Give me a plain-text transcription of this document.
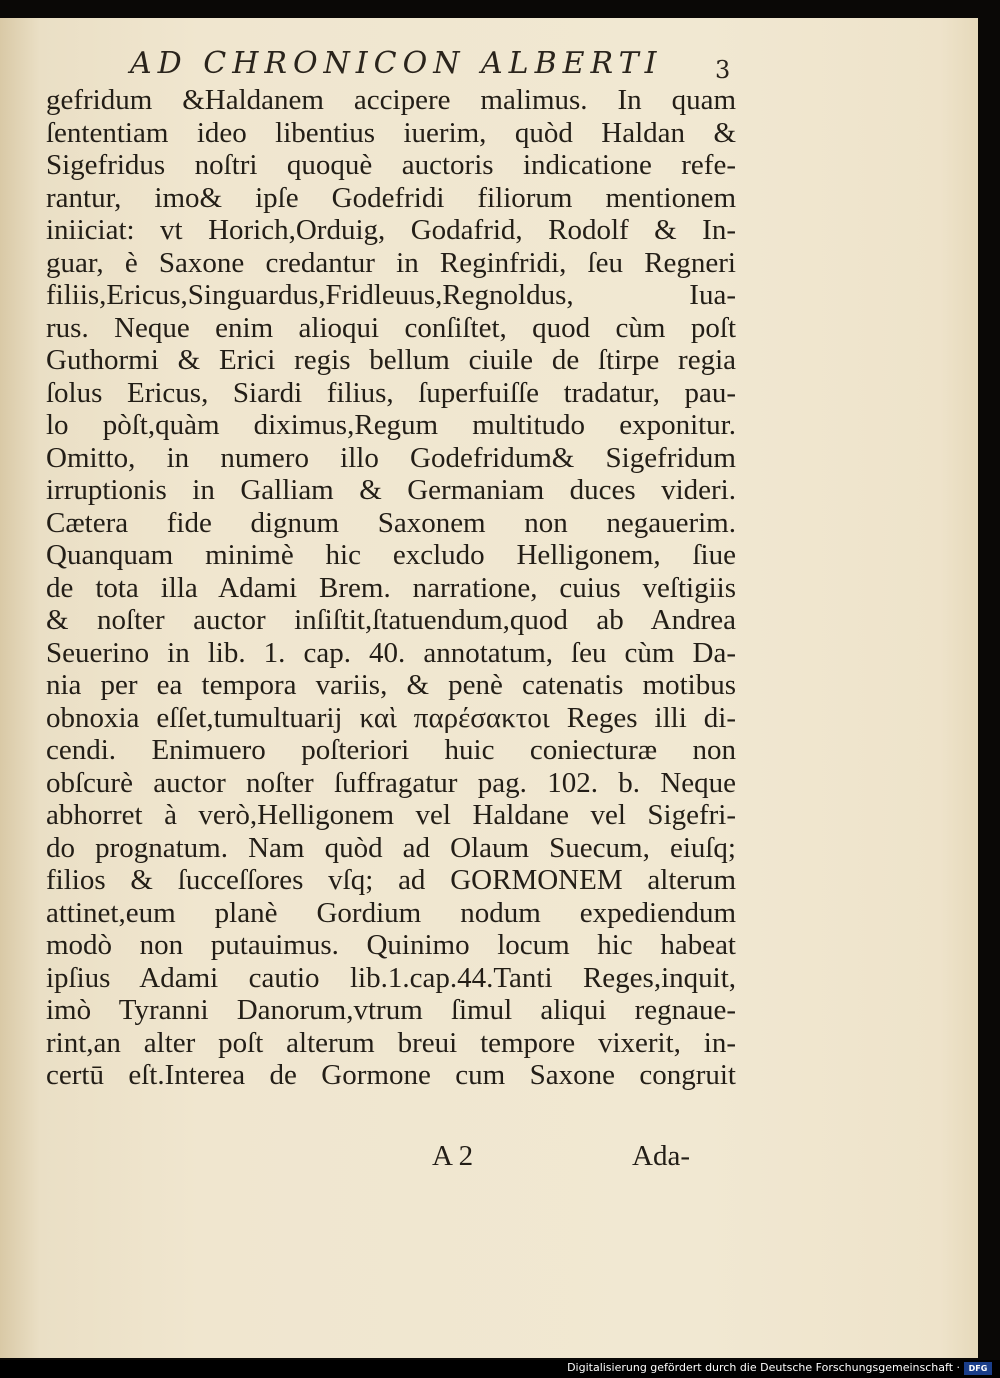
AD CHRONICON ALBERTI 3
gefridum &Haldanem accipere malimus. In quam
ſententiam ideo libentius iuerim, quòd Haldan &
Sigefridus noſtri quoquè auctoris indicatione refe-
rantur, imo& ipſe Godefridi filiorum mentionem
iniiciat: vt Horich,Orduig, Godafrid, Rodolf & In-
guar, è Saxone credantur in Reginfridi, ſeu Regneri
filiis,Ericus,Singuardus,Fridleuus,Regnoldus, Iua-
rus. Neque enim alioqui conſiſtet, quod cùm poſt
Guthormi & Erici regis bellum ciuile de ſtirpe regia
ſolus Ericus, Siardi filius, ſuperfuiſſe tradatur, pau-
lo pòſt,quàm diximus,Regum multitudo exponitur.
Omitto, in numero illo Godefridum& Sigefridum
irruptionis in Galliam & Germaniam duces videri.
Cætera fide dignum Saxonem non negauerim.
Quanquam minimè hic excludo Helligonem, ſiue
de tota illa Adami Brem. narratione, cuius veſtigiis
& noſter auctor inſiſtit,ſtatuendum,quod ab Andrea
Seuerino in lib. 1. cap. 40. annotatum, ſeu cùm Da-
nia per ea tempora variis, & penè catenatis motibus
obnoxia eſſet,tumultuarij καὶ παρέσακτοι Reges illi di-
cendi. Enimuero poſteriori huic coniecturæ non
obſcurè auctor noſter ſuffragatur pag. 102. b. Neque
abhorret à verò,Helligonem vel Haldane vel Sigefri-
do prognatum. Nam quòd ad Olaum Suecum, eiuſq;
filios & ſucceſſores vſq; ad GORMONEM alterum
attinet,eum planè Gordium nodum expediendum
modò non putauimus. Quinimo locum hic habeat
ipſius Adami cautio lib.1.cap.44.Tanti Reges,inquit,
imò Tyranni Danorum,vtrum ſimul aliqui regnaue-
rint,an alter poſt alterum breui tempore vixerit, in-
certū eſt.Interea de Gormone cum Saxone congruit
A 2	Ada-
Digitalisierung gefördert durch die Deutsche Forschungsgemeinschaft ·	DFG
